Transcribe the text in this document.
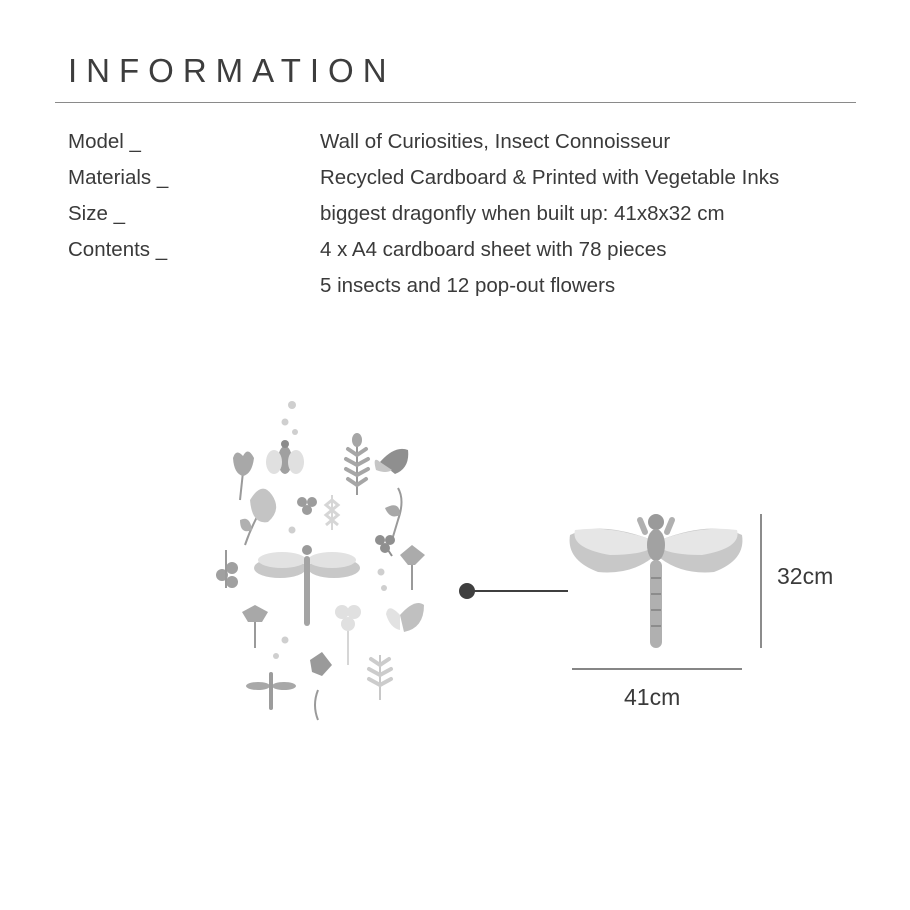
INFORMATION
Model _	Wall of Curiosities, Insect Connoisseur
Materials _	Recycled Cardboard & Printed with Vegetable Inks
Size _	biggest dragonfly when built up: 41x8x32 cm
Contents _	4 x A4 cardboard sheet with 78 pieces
5 insects and 12 pop-out flowers
32cm
41cm
